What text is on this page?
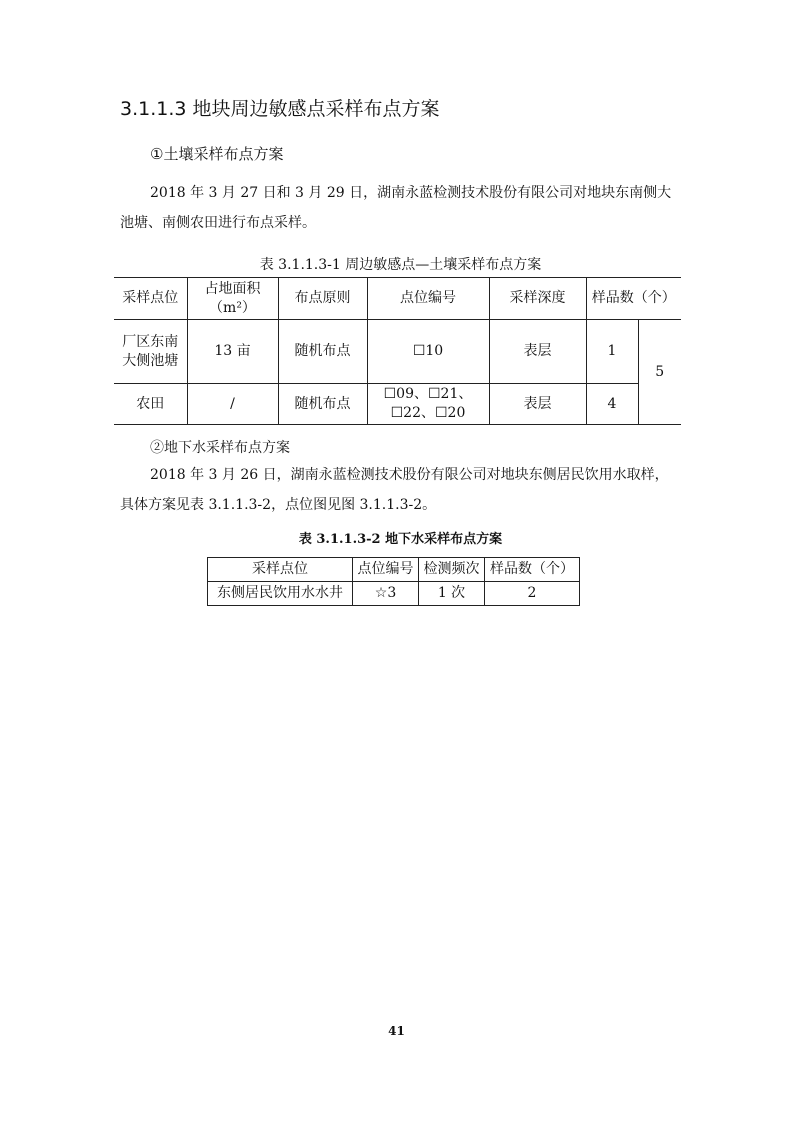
3.1.1.3 地块周边敏感点采样布点方案
①土壤采样布点方案
2018 年 3 月 27 日和 3 月 29 日，湖南永蓝检测技术股份有限公司对地块东南侧大池塘、南侧农田进行布点采样。
表 3.1.1.3-1 周边敏感点—土壤采样布点方案
采样点位	占地面积（m²）	布点原则	点位编号	采样深度	样品数（个）	
厂区东南大侧池塘	13 亩	随机布点	☐10	表层	1	5
农田	/	随机布点	☐09、☐21、☐22、☐20	表层	4	
②地下水采样布点方案
2018 年 3 月 26 日，湖南永蓝检测技术股份有限公司对地块东侧居民饮用水取样，具体方案见表 3.1.1.3-2，点位图见图 3.1.1.3-2。
表 3.1.1.3-2 地下水采样布点方案
采样点位	点位编号	检测频次	样品数（个）
东侧居民饮用水水井	☆3	1 次	2
41
